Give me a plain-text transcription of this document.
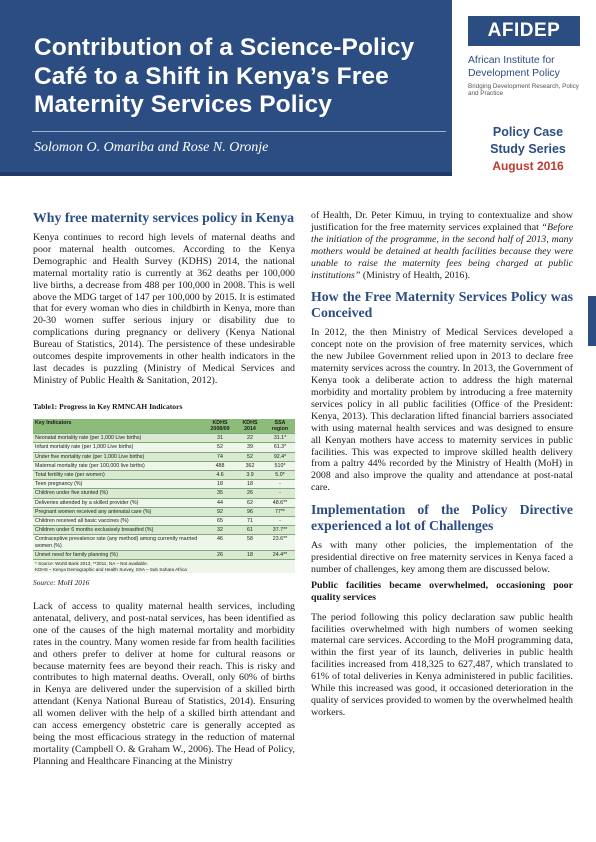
Contribution of a Science-Policy Café to a Shift in Kenya’s Free Maternity Services Policy
Solomon O. Omariba and Rose N. Oronje
AFIDEP
African Institute for Development Policy
Bridging Development Research, Policy and Practice
Policy Case
Study Series
August 2016
Why free maternity services policy in Kenya

Kenya continues to record high levels of maternal deaths and poor maternal health outcomes. According to the Kenya Demographic and Health Survey (KDHS) 2014, the national maternal mortality ratio is currently at 362 deaths per 100,000 live births, a decrease from 488 per 100,000 in 2008. This is well above the MDG target of 147 per 100,000 by 2015. It is estimated that for every woman who dies in childbirth in Kenya, more than 20-30 women suffer serious injury or disability due to complications during pregnancy or delivery (Kenya National Bureau of Statistics, 2014). The persistence of these undesirable outcomes despite improvements in other health indicators in the last decades is puzzling (Ministry of Medical Services and Ministry of Public Health & Sanitation, 2012).

Table1: Progress in Key RMNCAH Indicators
Key Indicators	KDHS 2008/09	KDHS 2014	SSA region
Neonatal mortality rate (per 1,000 Live births)	31	22	31.1*
Infant mortality rate (per 1,000 Live births)	52	39	61.3*
Under five mortality rate (per 1,000 Live births)	74	52	92.4*
Maternal mortality rate (per 100,000 live births)	488	362	510*
Total fertility rate (per women)	4.6	3.9	5.0*
Teen pregnancy (%)	18	18	-
Children under five stunted (%)	35	26	-
Deliveries attended by a skilled provider (%)	44	62	48.6**
Pregnant women received any antenatal care (%)	92	96	77**
Children received all basic vaccines (%)	65	71	-
Children under 6 months exclusively breastfed (%)	32	61	37.7**
Contraceptive prevalence rate (any method) among currently married women (%)	46	58	23.6**
Unmet need for family planning (%)	26	18	24.4**
* Source: World Bank 2013, **2011, NA – Not available.
KDHS – Kenya Demographic and Health Survey, SSA – Sub Sahara Africa
Source: MoH 2016

Lack of access to quality maternal health services, including antenatal, delivery, and post-natal services, has been identified as one of the causes of the high maternal mortality and morbidity rates in the country. Many women reside far from health facilities and others prefer to deliver at home for cultural reasons or because maternity fees are beyond their reach. This is risky and contributes to high maternal deaths. Overall, only 60% of births in Kenya are delivered under the supervision of a skilled birth attendant (Kenya National Bureau of Statistics, 2014). Ensuring all women deliver with the help of a skilled birth attendant and can access emergency obstetric care is generally accepted as being the most efficacious strategy in the reduction of maternal mortality (Campbell O. & Graham W., 2006). The Head of Policy, Planning and Healthcare Financing at the Ministry

of Health, Dr. Peter Kimuu, in trying to contextualize and show justification for the free maternity services explained that “Before the initiation of the programme, in the second half of 2013, many mothers would be detained at health facilities because they were unable to raise the maternity fees being charged at public institutions” (Ministry of Health, 2016).

How the Free Maternity Services Policy was Conceived

In 2012, the then Ministry of Medical Services developed a concept note on the provision of free maternity services, which the new Jubilee Government relied upon in 2013 to declare free maternity services across the country. In 2013, the Government of Kenya took a deliberate action to address the high maternal morbidity and mortality problem by introducing a free maternity services policy in all public facilities (Office of the President: Kenya, 2013). This declaration lifted financial barriers associated with using maternal health services and was designed to ensure all Kenyan mothers have access to maternity services in public facilities. This was expected to improve skilled health delivery from a paltry 44% recorded by the Ministry of Health (MoH) in 2008 and also improve the quality and attendance at post-natal care.

Implementation of the Policy Directive experienced a lot of Challenges

As with many other policies, the implementation of the presidential directive on free maternity services in Kenya faced a number of challenges, key among them are discussed below.

Public facilities became overwhelmed, occasioning poor quality services

The period following this policy declaration saw public health facilities overwhelmed with high numbers of women seeking maternal care services. According to the MoH programming data, within the first year of its launch, deliveries in public health facilities increased from 418,325 to 627,487, which translated to 61% of total deliveries in Kenya administered in public facilities. While this increased was good, it occasioned deterioration in the quality of services provided to women by the overwhelmed health workers.
